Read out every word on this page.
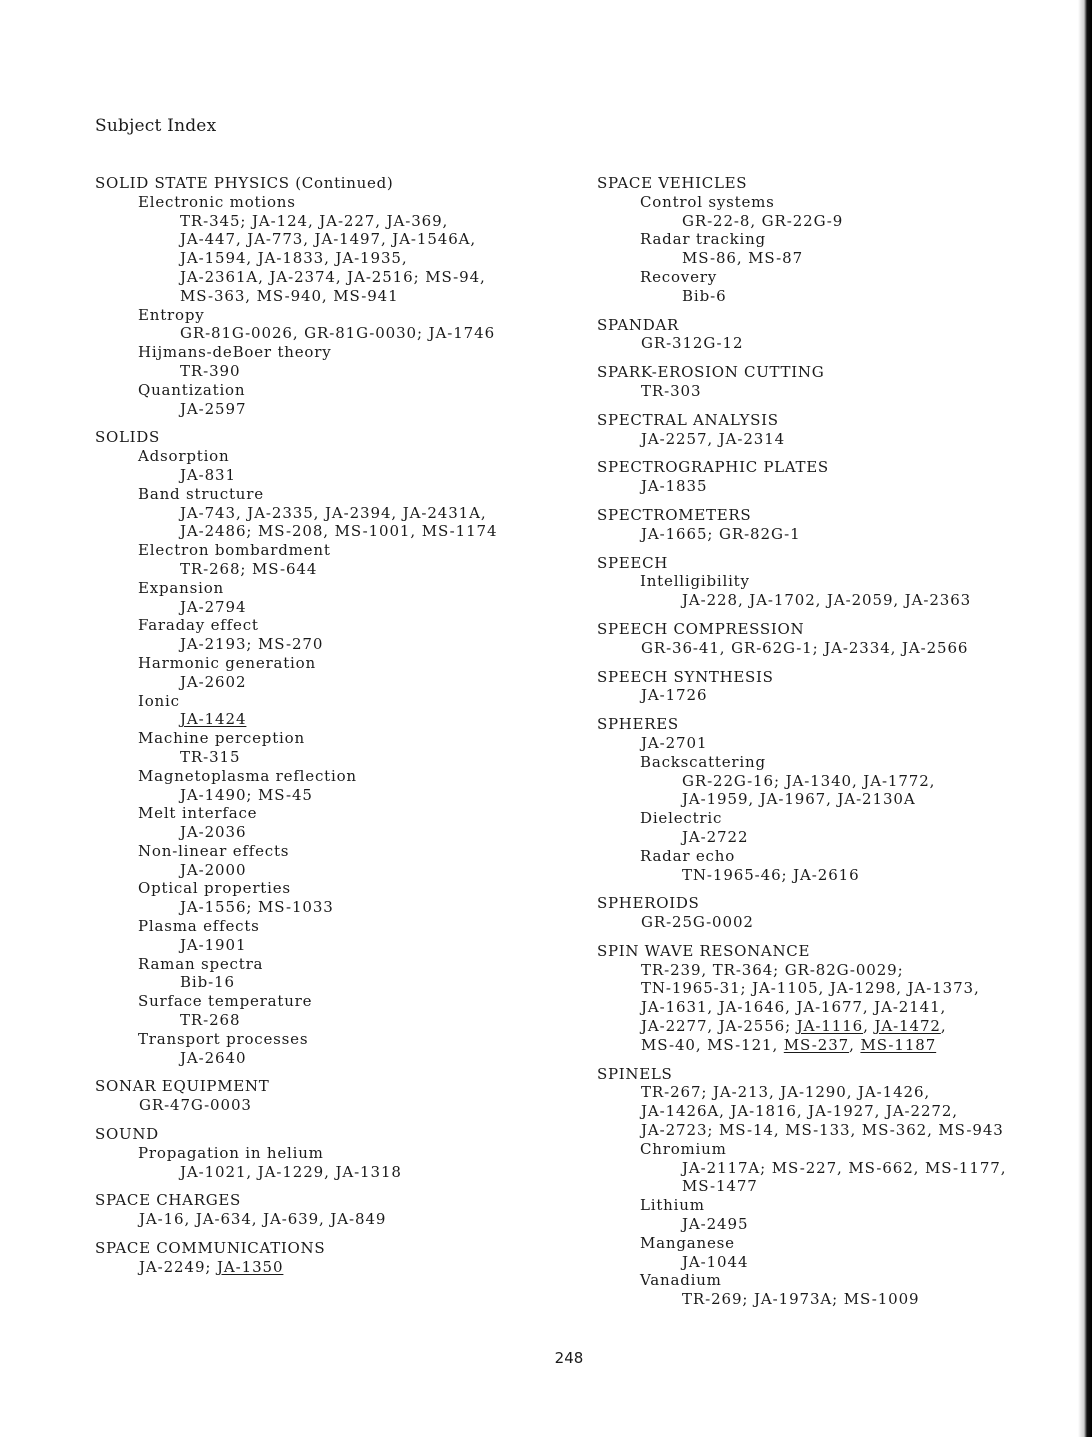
Subject Index
SOLID STATE PHYSICS (Continued)
Electronic motions
TR-345; JA-124, JA-227, JA-369,
JA-447, JA-773, JA-1497, JA-1546A,
JA-1594, JA-1833, JA-1935,
JA-2361A, JA-2374, JA-2516; MS-94,
MS-363, MS-940, MS-941
Entropy
GR-81G-0026, GR-81G-0030; JA-1746
Hijmans-deBoer theory
TR-390
Quantization
JA-2597
SOLIDS
Adsorption
JA-831
Band structure
JA-743, JA-2335, JA-2394, JA-2431A,
JA-2486; MS-208, MS-1001, MS-1174
Electron bombardment
TR-268; MS-644
Expansion
JA-2794
Faraday effect
JA-2193; MS-270
Harmonic generation
JA-2602
Ionic
JA-1424
Machine perception
TR-315
Magnetoplasma reflection
JA-1490; MS-45
Melt interface
JA-2036
Non-linear effects
JA-2000
Optical properties
JA-1556; MS-1033
Plasma effects
JA-1901
Raman spectra
Bib-16
Surface temperature
TR-268
Transport processes
JA-2640
SONAR EQUIPMENT
GR-47G-0003
SOUND
Propagation in helium
JA-1021, JA-1229, JA-1318
SPACE CHARGES
JA-16, JA-634, JA-639, JA-849
SPACE COMMUNICATIONS
JA-2249; JA-1350
SPACE VEHICLES
Control systems
GR-22-8, GR-22G-9
Radar tracking
MS-86, MS-87
Recovery
Bib-6
SPANDAR
GR-312G-12
SPARK-EROSION CUTTING
TR-303
SPECTRAL ANALYSIS
JA-2257, JA-2314
SPECTROGRAPHIC PLATES
JA-1835
SPECTROMETERS
JA-1665; GR-82G-1
SPEECH
Intelligibility
JA-228, JA-1702, JA-2059, JA-2363
SPEECH COMPRESSION
GR-36-41, GR-62G-1; JA-2334, JA-2566
SPEECH SYNTHESIS
JA-1726
SPHERES
JA-2701
Backscattering
GR-22G-16; JA-1340, JA-1772,
JA-1959, JA-1967, JA-2130A
Dielectric
JA-2722
Radar echo
TN-1965-46; JA-2616
SPHEROIDS
GR-25G-0002
SPIN WAVE RESONANCE
TR-239, TR-364; GR-82G-0029;
TN-1965-31; JA-1105, JA-1298, JA-1373,
JA-1631, JA-1646, JA-1677, JA-2141,
JA-2277, JA-2556; JA-1116, JA-1472,
MS-40, MS-121, MS-237, MS-1187
SPINELS
TR-267; JA-213, JA-1290, JA-1426,
JA-1426A, JA-1816, JA-1927, JA-2272,
JA-2723; MS-14, MS-133, MS-362, MS-943
Chromium
JA-2117A; MS-227, MS-662, MS-1177,
MS-1477
Lithium
JA-2495
Manganese
JA-1044
Vanadium
TR-269; JA-1973A; MS-1009
248
